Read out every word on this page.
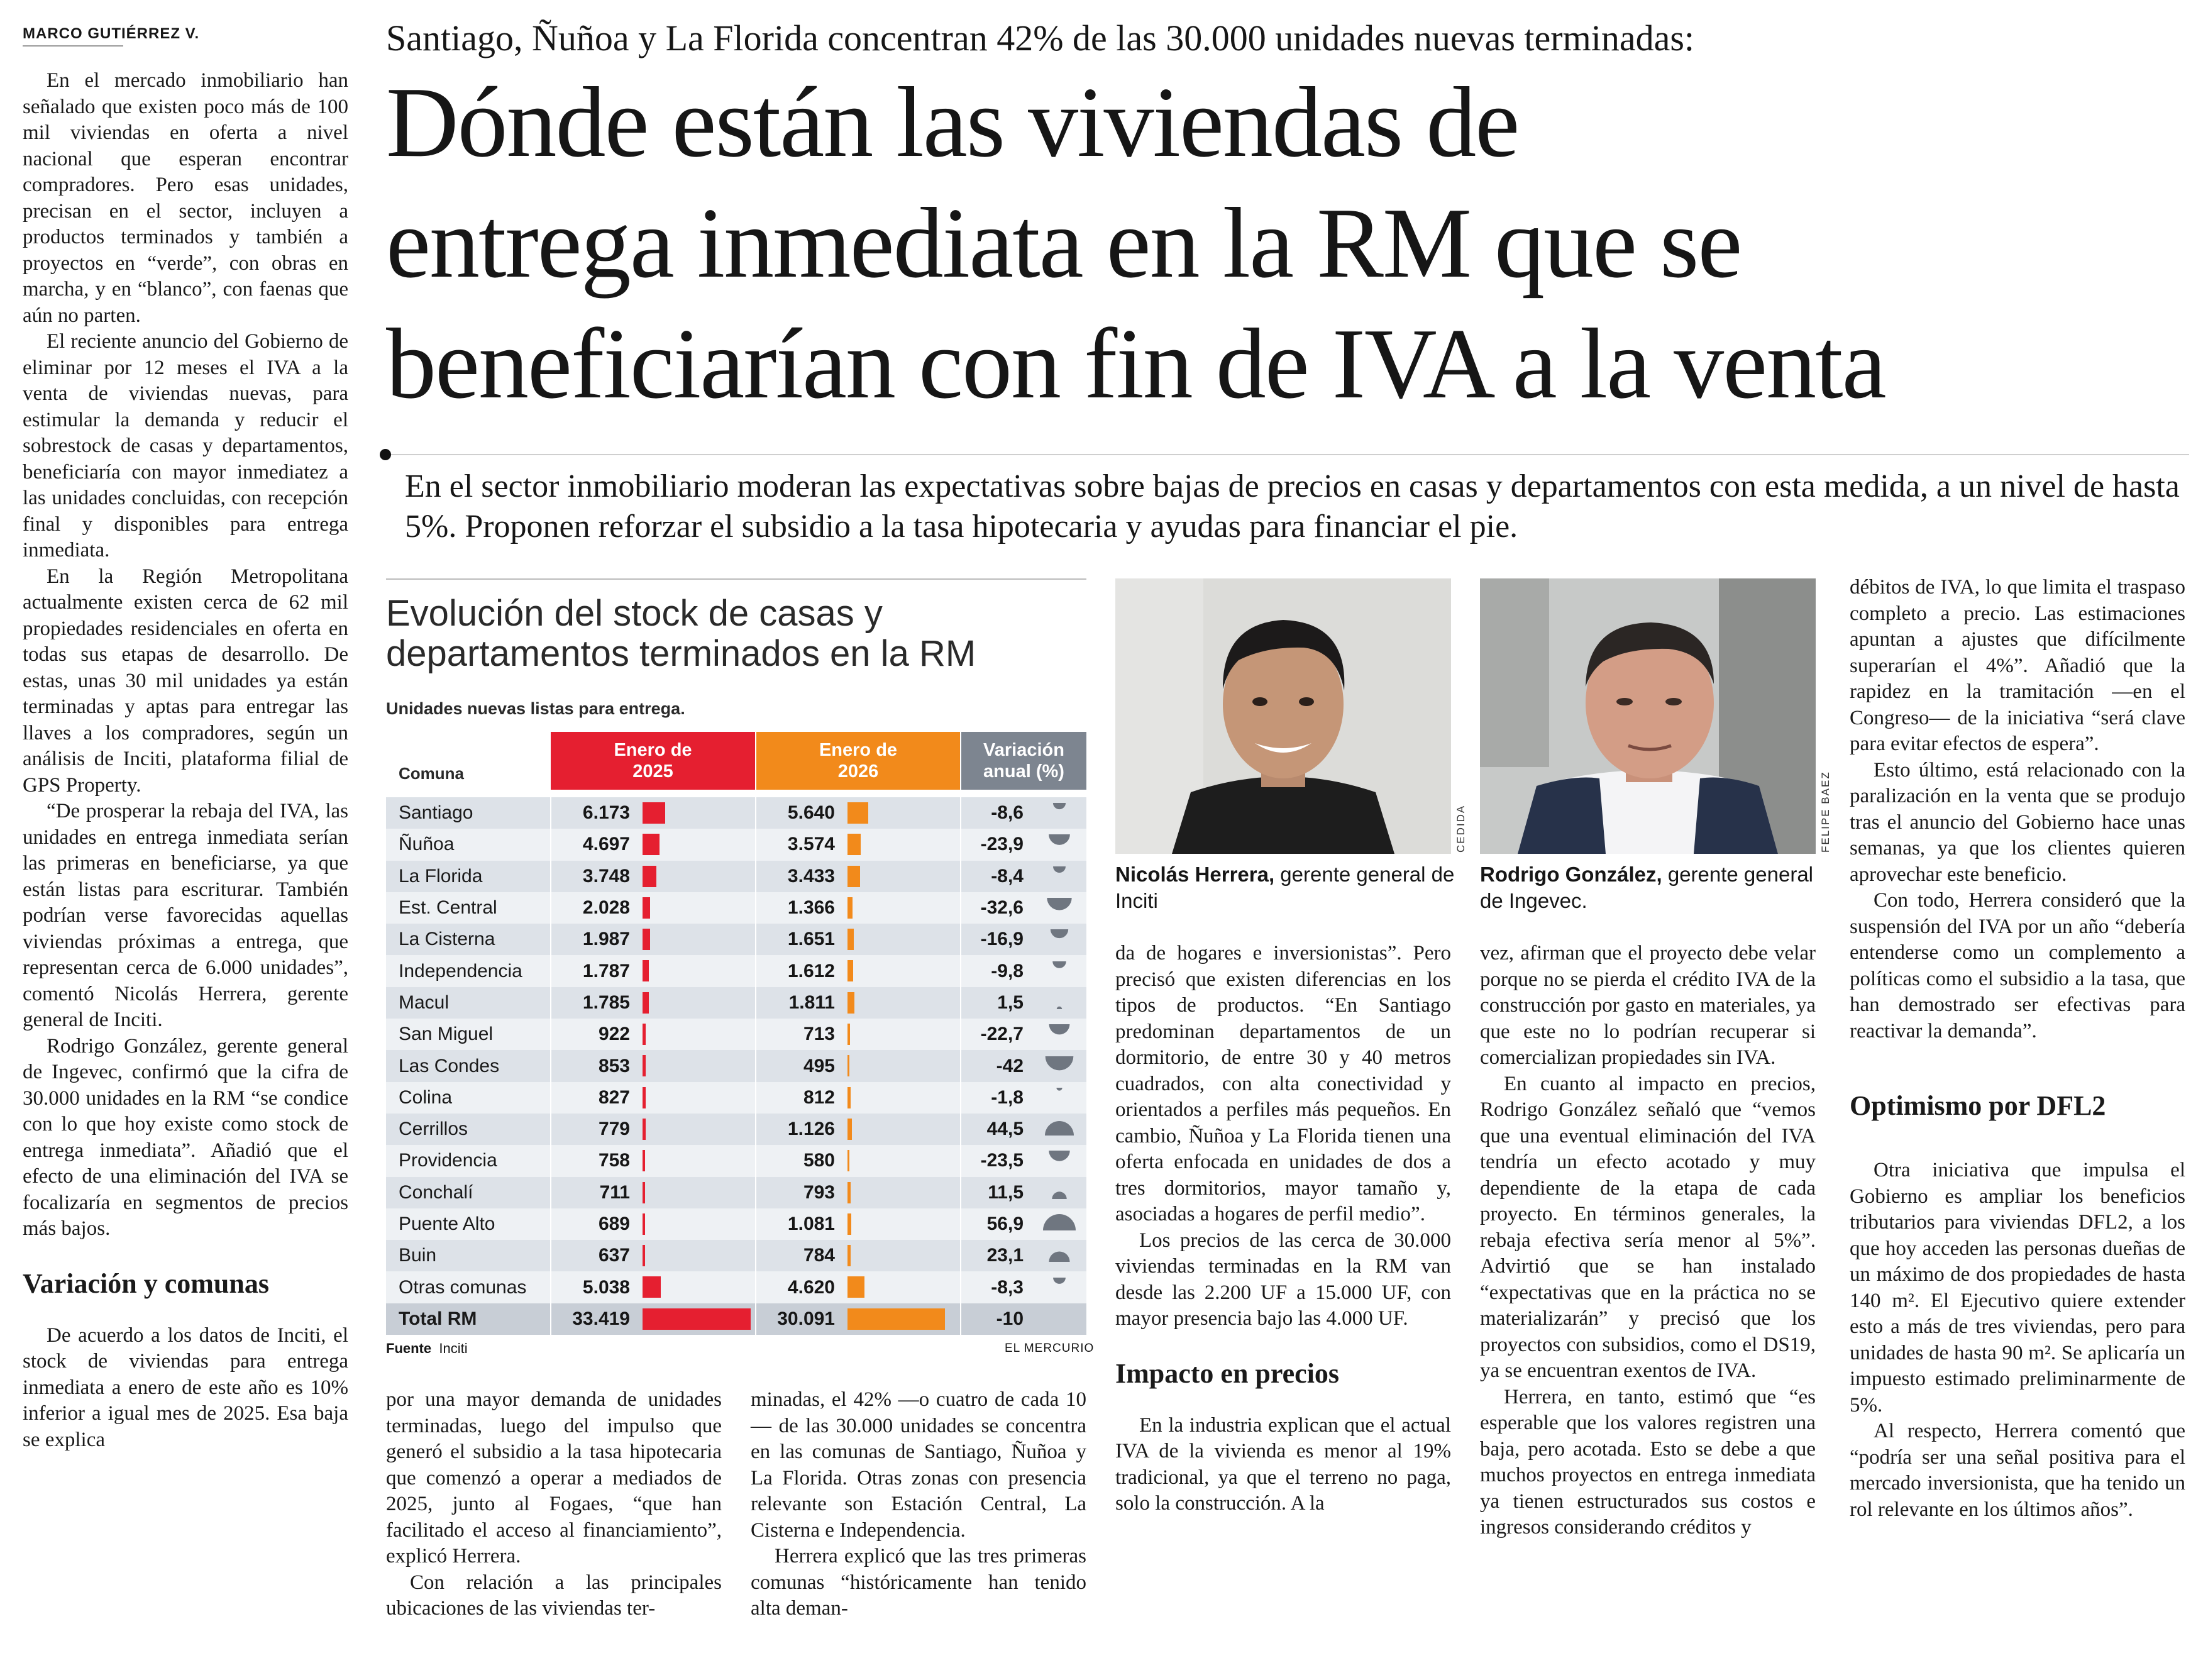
MARCO GUTIÉRREZ V.

En el mercado inmobiliario han señalado que existen poco más de 100 mil viviendas en oferta a nivel nacional que esperan encontrar compradores. Pero esas unidades, precisan en el sector, incluyen a productos terminados y también a proyectos en “verde”, con obras en marcha, y en “blanco”, con faenas que aún no parten.

El reciente anuncio del Gobierno de eliminar por 12 meses el IVA a la venta de viviendas nuevas, para estimular la demanda y reducir el sobrestock de casas y departamentos, beneficiaría con mayor inmediatez a las unidades concluidas, con recepción final y disponibles para entrega inmediata.

En la Región Metropolitana actualmente existen cerca de 62 mil propiedades residenciales en oferta en todas sus etapas de desarrollo. De estas, unas 30 mil unidades ya están terminadas y aptas para entregar las llaves a los compradores, según un análisis de Inciti, plataforma filial de GPS Property.

“De prosperar la rebaja del IVA, las unidades en entrega inmediata serían las primeras en beneficiarse, ya que están listas para escriturar. También podrían verse favorecidas aquellas viviendas próximas a entrega, que representan cerca de 6.000 unidades”, comentó Nicolás Herrera, gerente general de Inciti.

Rodrigo González, gerente general de Ingevec, confirmó que la cifra de 30.000 unidades en la RM “se condice con lo que hoy existe como stock de entrega inmediata”. Añadió que el efecto de una eliminación del IVA se focalizaría en segmentos de precios más bajos.

Variación y comunas

De acuerdo a los datos de Inciti, el stock de viviendas para entrega inmediata a enero de este año es 10% inferior a igual mes de 2025. Esa baja se explica

Santiago, Ñuñoa y La Florida concentran 42% de las 30.000 unidades nuevas terminadas:
Dónde están las viviendas de
entrega inmediata en la RM que se
beneficiarían con fin de IVA a la venta
En el sector inmobiliario moderan las expectativas sobre bajas de precios en casas y departamentos con esta medida, a un nivel de hasta 5%. Proponen reforzar el subsidio a la tasa hipotecaria y ayudas para financiar el pie.
Evolución del stock de casas y departamentos terminados en la RM
Unidades nuevas listas para entrega.
Comuna	Enero de 2025		Enero de 2026		Variación anual (%)	

Santiago	6.173		5.640		-8,6	
Ñuñoa	4.697		3.574		-23,9	
La Florida	3.748		3.433		-8,4	
Est. Central	2.028		1.366		-32,6	
La Cisterna	1.987		1.651		-16,9	
Independencia	1.787		1.612		-9,8	
Macul	1.785		1.811		1,5	
San Miguel	922		713		-22,7	
Las Condes	853		495		-42	
Colina	827		812		-1,8	
Cerrillos	779		1.126		44,5	
Providencia	758		580		-23,5	
Conchalí	711		793		11,5	
Puente Alto	689		1.081		56,9	
Buin	637		784		23,1	
Otras comunas	5.038		4.620		-8,3	
Total RM	33.419		30.091		-10	
Fuente Inciti	EL MERCURIO

por una mayor demanda de unidades terminadas, luego del impulso que generó el subsidio a la tasa hipotecaria que comenzó a operar a mediados de 2025, junto al Fogaes, “que han facilitado el acceso al financiamiento”, explicó Herrera.

Con relación a las principales ubicaciones de las viviendas ter-

minadas, el 42% —o cuatro de cada 10— de las 30.000 unidades se concentra en las comunas de Santiago, Ñuñoa y La Florida. Otras zonas con presencia relevante son Estación Central, La Cisterna e Independencia.

Herrera explicó que las tres primeras comunas “históricamente han tenido alta deman-

CEDIDA
Nicolás Herrera, gerente general de Inciti
FELIPE BAEZ
Rodrigo González, gerente general de Ingevec.

da de hogares e inversionistas”. Pero precisó que existen diferencias en los tipos de productos. “En Santiago predominan departamentos de un dormitorio, de entre 30 y 40 metros cuadrados, con alta conectividad y orientados a perfiles más pequeños. En cambio, Ñuñoa y La Florida tienen una oferta enfocada en unidades de dos a tres dormitorios, mayor tamaño y, asociadas a hogares de perfil medio”.

Los precios de las cerca de 30.000 viviendas terminadas en la RM van desde las 2.200 UF a 15.000 UF, con mayor presencia bajo las 4.000 UF.

Impacto en precios

En la industria explican que el actual IVA de la vivienda es menor al 19% tradicional, ya que el terreno no paga, solo la construcción. A la

vez, afirman que el proyecto debe velar porque no se pierda el crédito IVA de la construcción por gasto en materiales, ya que este no lo podrían recuperar si comercializan propiedades sin IVA.

En cuanto al impacto en precios, Rodrigo González señaló que “vemos que una eventual eliminación del IVA tendría un efecto acotado y muy dependiente de la etapa de cada proyecto. En términos generales, la rebaja efectiva sería menor al 5%”. Advirtió que se han instalado “expectativas que en la práctica no se materializarán” y precisó que los proyectos con subsidios, como el DS19, ya se encuentran exentos de IVA.

Herrera, en tanto, estimó que “es esperable que los valores registren una baja, pero acotada. Esto se debe a que muchos proyectos en entrega inmediata ya tienen estructurados sus costos e ingresos considerando créditos y

débitos de IVA, lo que limita el traspaso completo a precio. Las estimaciones apuntan a ajustes que difícilmente superarían el 4%”. Añadió que la rapidez en la tramitación —en el Congreso— de la iniciativa “será clave para evitar efectos de espera”.

Esto último, está relacionado con la paralización en la venta que se produjo tras el anuncio del Gobierno hace unas semanas, ya que los clientes quieren aprovechar este beneficio.

Con todo, Herrera consideró que la suspensión del IVA por un año “debería entenderse como un complemento a políticas como el subsidio a la tasa, que han demostrado ser efectivas para reactivar la demanda”.

Optimismo por DFL2

Otra iniciativa que impulsa el Gobierno es ampliar los beneficios tributarios para viviendas DFL2, a los que hoy acceden las personas dueñas de un máximo de dos propiedades de hasta 140 m². El Ejecutivo quiere extender esto a más de tres viviendas, pero para unidades de hasta 90 m². Se aplicaría un impuesto estimado preliminarmente de 5%.

Al respecto, Herrera comentó que “podría ser una señal positiva para el mercado inversionista, que ha tenido un rol relevante en los últimos años”.
